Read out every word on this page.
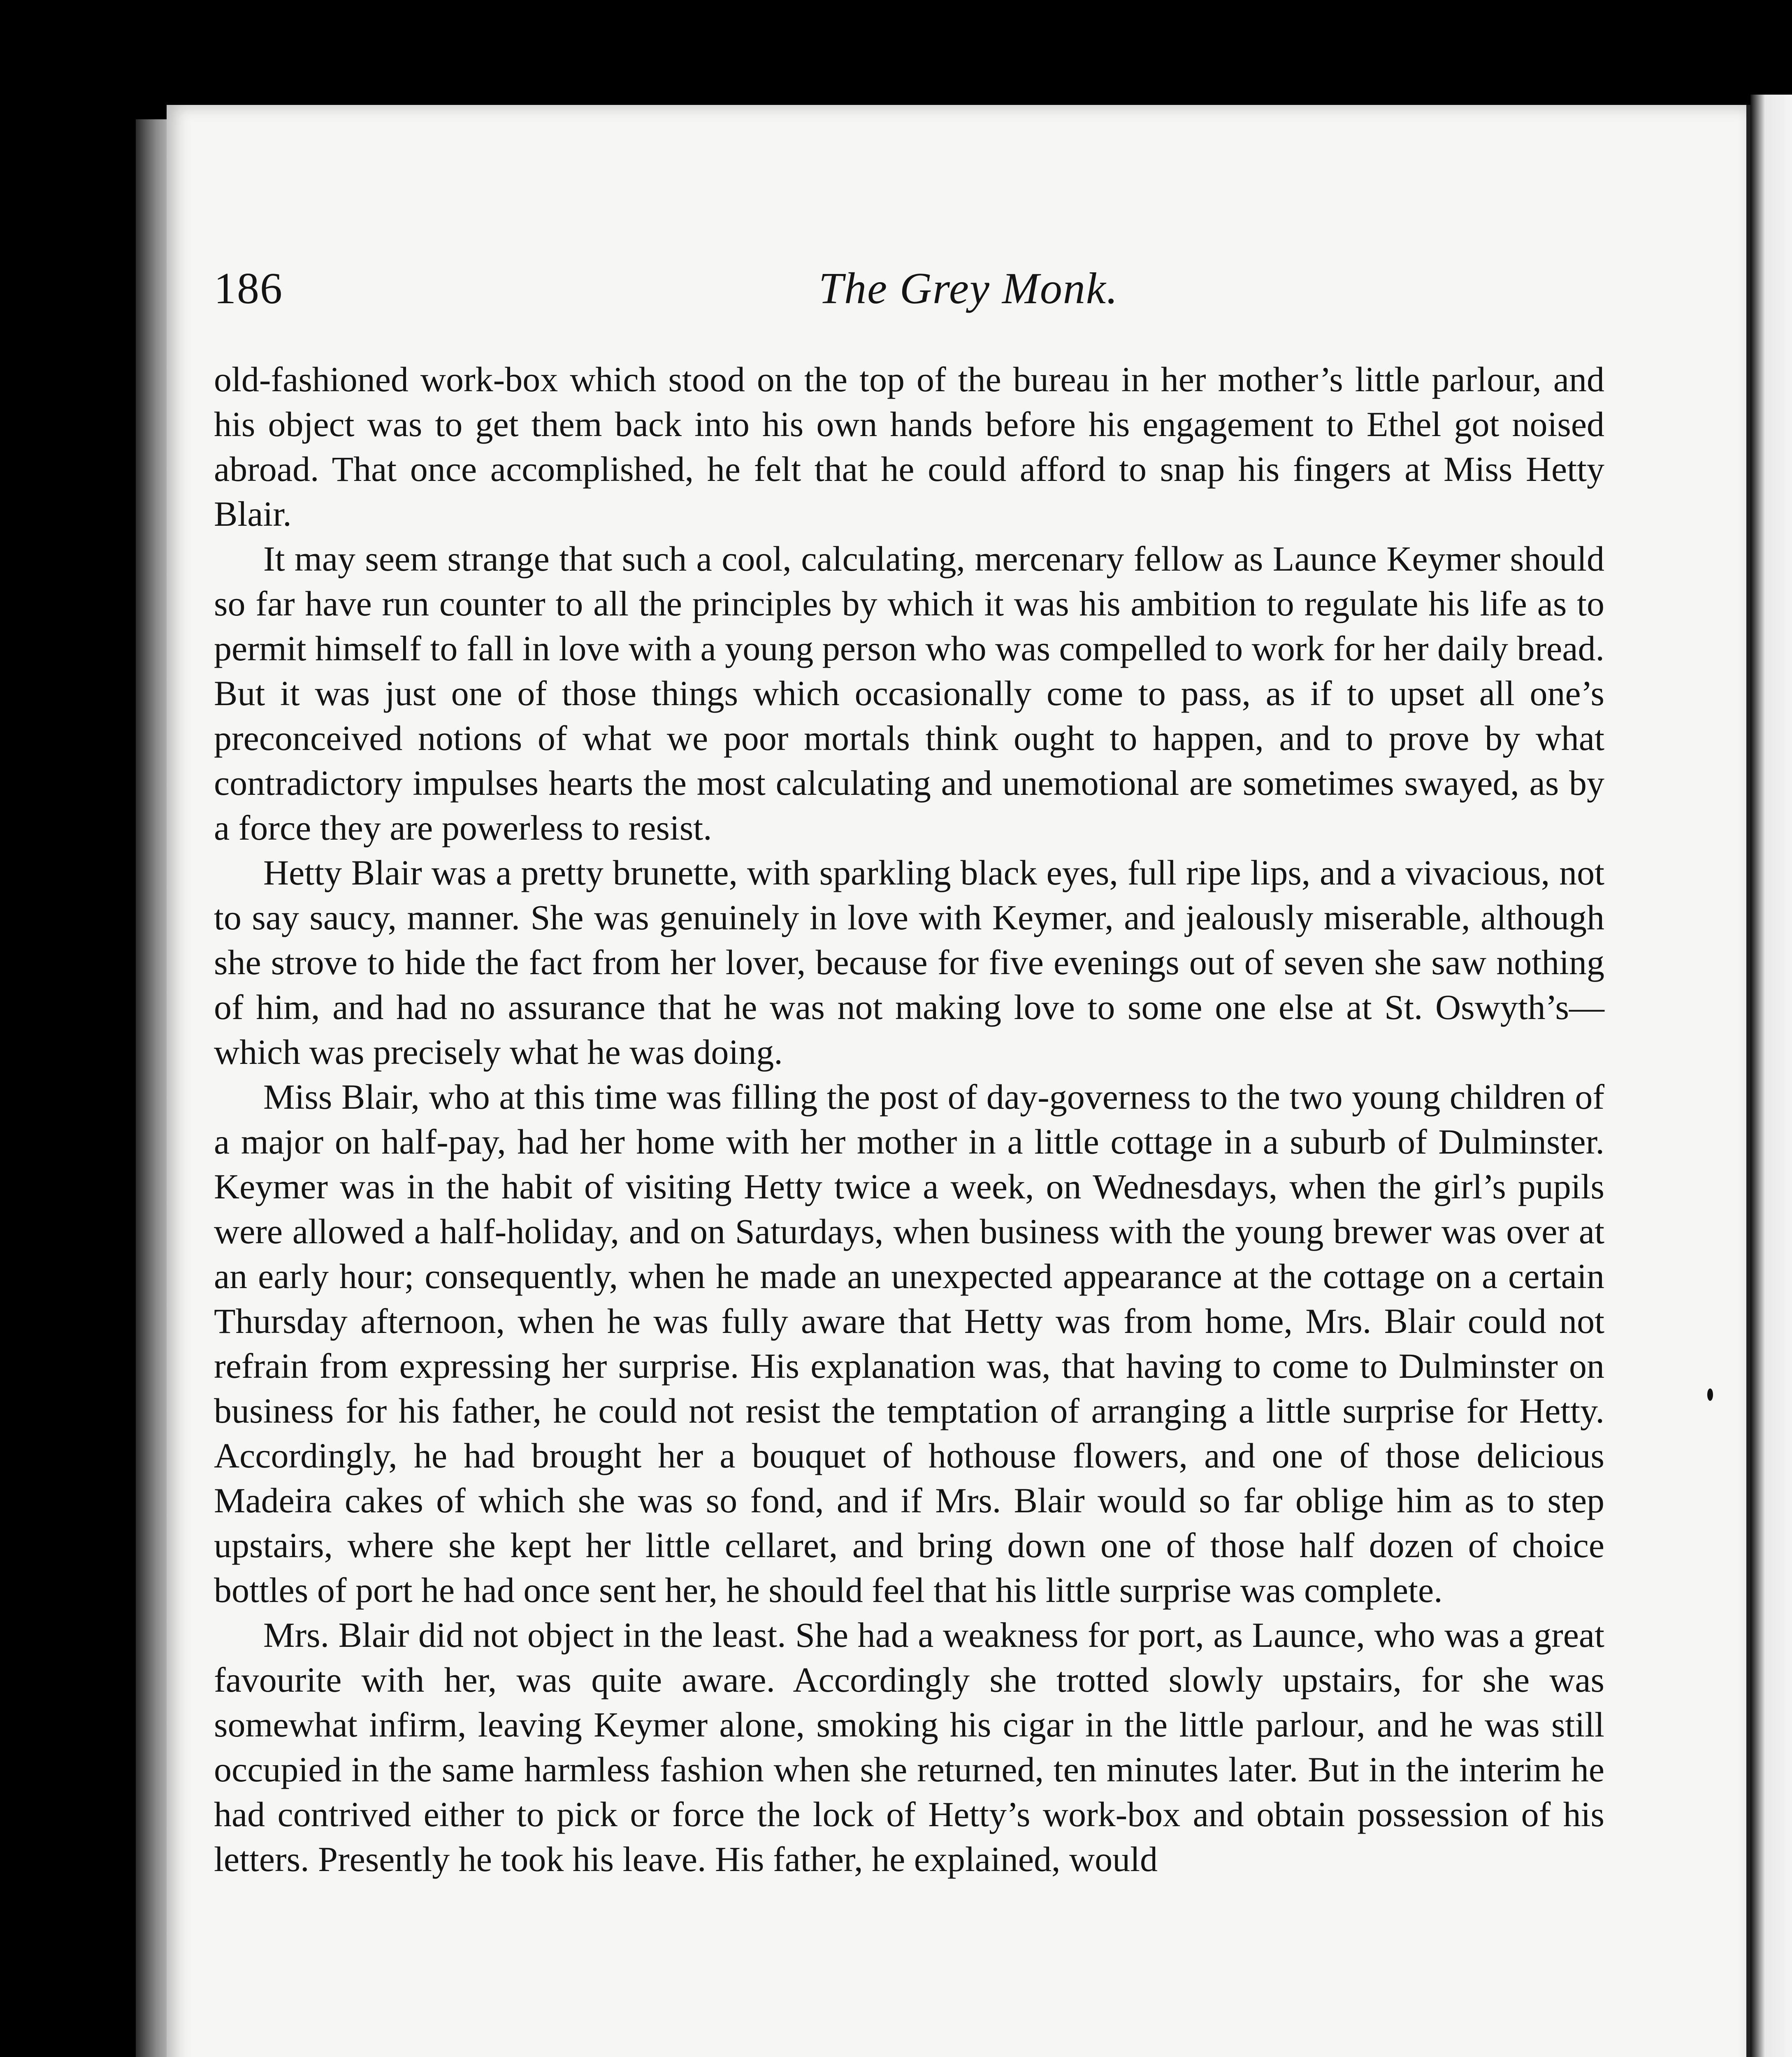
186	The Grey Monk.

old-fashioned work-box which stood on the top of the bureau in her mother’s little parlour, and his object was to get them back into his own hands before his engagement to Ethel got noised abroad. That once accomplished, he felt that he could afford to snap his fingers at Miss Hetty Blair.

It may seem strange that such a cool, calculating, mercenary fellow as Launce Keymer should so far have run counter to all the principles by which it was his ambition to regulate his life as to permit himself to fall in love with a young person who was compelled to work for her daily bread. But it was just one of those things which occasionally come to pass, as if to upset all one’s preconceived notions of what we poor mortals think ought to happen, and to prove by what contradictory impulses hearts the most calculating and unemotional are sometimes swayed, as by a force they are powerless to resist.

Hetty Blair was a pretty brunette, with sparkling black eyes, full ripe lips, and a vivacious, not to say saucy, manner. She was genuinely in love with Keymer, and jealously miserable, although she strove to hide the fact from her lover, because for five evenings out of seven she saw nothing of him, and had no assurance that he was not making love to some one else at St. Oswyth’s—which was precisely what he was doing.

Miss Blair, who at this time was filling the post of day-governess to the two young children of a major on half-pay, had her home with her mother in a little cottage in a suburb of Dulminster. Keymer was in the habit of visiting Hetty twice a week, on Wednesdays, when the girl’s pupils were allowed a half-holiday, and on Saturdays, when business with the young brewer was over at an early hour; consequently, when he made an unexpected appearance at the cottage on a certain Thursday afternoon, when he was fully aware that Hetty was from home, Mrs. Blair could not refrain from expressing her surprise. His explanation was, that having to come to Dulminster on business for his father, he could not resist the temptation of arranging a little surprise for Hetty. Accordingly, he had brought her a bouquet of hothouse flowers, and one of those delicious Madeira cakes of which she was so fond, and if Mrs. Blair would so far oblige him as to step upstairs, where she kept her little cellaret, and bring down one of those half dozen of choice bottles of port he had once sent her, he should feel that his little surprise was complete.

Mrs. Blair did not object in the least. She had a weakness for port, as Launce, who was a great favourite with her, was quite aware. Accordingly she trotted slowly upstairs, for she was somewhat infirm, leaving Keymer alone, smoking his cigar in the little parlour, and he was still occupied in the same harmless fashion when she returned, ten minutes later. But in the interim he had contrived either to pick or force the lock of Hetty’s work-box and obtain possession of his letters. Presently he took his leave. His father, he explained, would
